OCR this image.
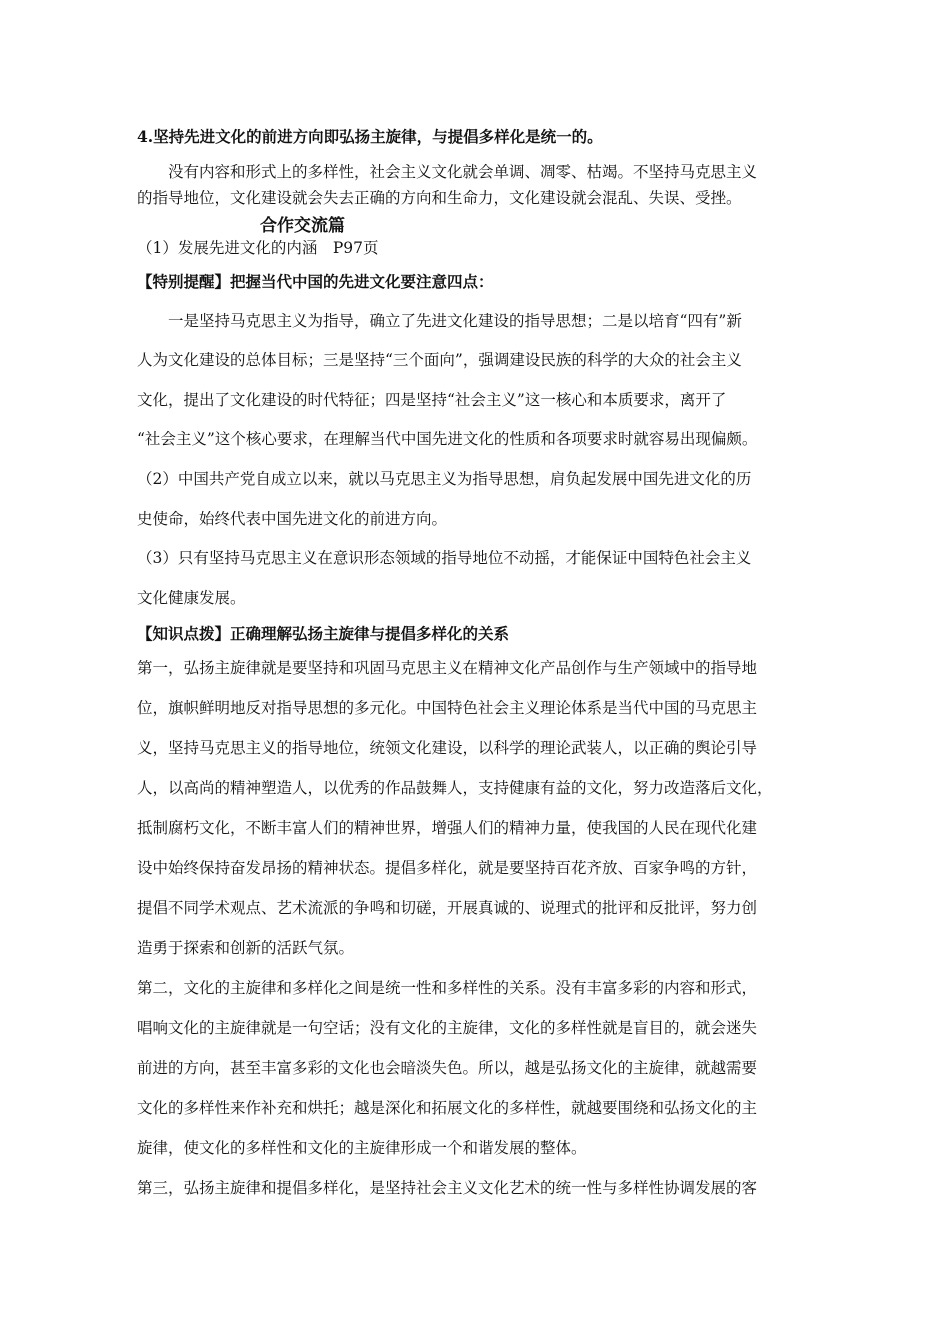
4.坚持先进文化的前进方向即弘扬主旋律，与提倡多样化是统一的。
没有内容和形式上的多样性，社会主义文化就会单调、凋零、枯竭。不坚持马克思主义
的指导地位，文化建设就会失去正确的方向和生命力，文化建设就会混乱、失误、受挫。
合作交流篇
（1）发展先进文化的内涵　P97页
【特别提醒】把握当代中国的先进文化要注意四点：
一是坚持马克思主义为指导，确立了先进文化建设的指导思想；二是以培育“四有”新
人为文化建设的总体目标；三是坚持“三个面向”，强调建设民族的科学的大众的社会主义
文化，提出了文化建设的时代特征；四是坚持“社会主义”这一核心和本质要求，离开了
“社会主义”这个核心要求，在理解当代中国先进文化的性质和各项要求时就容易出现偏颇。
（2）中国共产党自成立以来，就以马克思主义为指导思想，肩负起发展中国先进文化的历
史使命，始终代表中国先进文化的前进方向。
（3）只有坚持马克思主义在意识形态领域的指导地位不动摇，才能保证中国特色社会主义
文化健康发展。
【知识点拨】正确理解弘扬主旋律与提倡多样化的关系
第一，弘扬主旋律就是要坚持和巩固马克思主义在精神文化产品创作与生产领域中的指导地
位，旗帜鲜明地反对指导思想的多元化。中国特色社会主义理论体系是当代中国的马克思主
义，坚持马克思主义的指导地位，统领文化建设，以科学的理论武装人，以正确的舆论引导
人，以高尚的精神塑造人，以优秀的作品鼓舞人，支持健康有益的文化，努力改造落后文化，
抵制腐朽文化，不断丰富人们的精神世界，增强人们的精神力量，使我国的人民在现代化建
设中始终保持奋发昂扬的精神状态。提倡多样化，就是要坚持百花齐放、百家争鸣的方针，
提倡不同学术观点、艺术流派的争鸣和切磋，开展真诚的、说理式的批评和反批评，努力创
造勇于探索和创新的活跃气氛。
第二，文化的主旋律和多样化之间是统一性和多样性的关系。没有丰富多彩的内容和形式，
唱响文化的主旋律就是一句空话；没有文化的主旋律，文化的多样性就是盲目的，就会迷失
前进的方向，甚至丰富多彩的文化也会暗淡失色。所以，越是弘扬文化的主旋律，就越需要
文化的多样性来作补充和烘托；越是深化和拓展文化的多样性，就越要围绕和弘扬文化的主
旋律，使文化的多样性和文化的主旋律形成一个和谐发展的整体。
第三，弘扬主旋律和提倡多样化，是坚持社会主义文化艺术的统一性与多样性协调发展的客
